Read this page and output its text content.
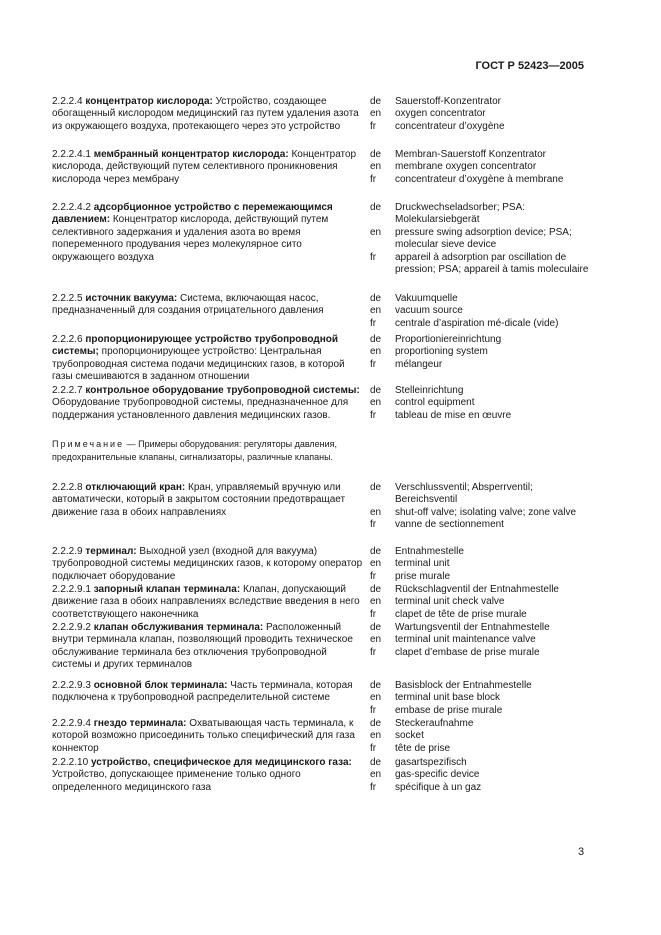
ГОСТ Р 52423—2005
2.2.2.4 концентратор кислорода: Устройство, создающее обогащенный кислородом медицинский газ путем удаления азота из окружающего воздуха, протекающего через это устройство
de	Sauerstoff-Konzentrator
en	oxygen concentrator
fr	concentrateur d’oxygène
2.2.2.4.1 мембранный концентратор кислорода: Концентратор кислорода, действующий путем селективного проникновения кислорода через мембрану
de	Membran-Sauerstoff Konzentrator
en	membrane oxygen concentrator
fr	concentrateur d’oxygène à membrane
2.2.2.4.2 адсорбционное устройство с перемежающимся давлением: Концентратор кислорода, действующий путем селективного задержания и удаления азота во время попеременного продувания через молекулярное сито окружающего воздуха
de	Druckwechseladsorber; PSA: Molekularsiebgerät
en	pressure swing adsorption device; PSA; molecular sieve device
fr	appareil à adsorption par oscillation de pression; PSA; appareil à tamis moleculaire
2.2.2.5 источник вакуума: Система, включающая насос, предназначенный для создания отрицательного давления
de	Vakuumquelle
en	vacuum source
fr	centrale d’aspiration mé-dicale (vide)
2.2.2.6 пропорционирующее устройство трубопроводной системы; пропорционирующее устройство: Центральная трубопроводная система подачи медицинских газов, в которой газы смешиваются в заданном отношении
de	Proportioniereinrichtung
en	proportioning system
fr	mélangeur
2.2.2.7 контрольное оборудование трубопроводной системы: Оборудование трубопроводной системы, предназначенное для поддержания установленного давления медицинских газов.
de	Stelleinrichtung
en	control equipment
fr	tableau de mise en œuvre
Примечание — Примеры оборудования: регуляторы давления, предохранительные клапаны, сигнализаторы, различные клапаны.
2.2.2.8 отключающий кран: Кран, управляемый вручную или автоматически, который в закрытом состоянии предотвращает движение газа в обоих направлениях
de	Verschlussventil; Absperrventil; Bereichsventil
en	shut-off valve; isolating valve; zone valve
fr	vanne de sectionnement
2.2.2.9 терминал: Выходной узел (входной для вакуума) трубопроводной системы медицинских газов, к которому оператор подключает оборудование
de	Entnahmestelle
en	terminal unit
fr	prise murale
2.2.2.9.1 запорный клапан терминала: Клапан, допускающий движение газа в обоих направлениях вследствие введения в него соответствующего наконечника
de	Rückschlagventil der Entnahmestelle
en	terminal unit check valve
fr	clapet de tête de prise murale
2.2.2.9.2 клапан обслуживания терминала: Расположенный внутри терминала клапан, позволяющий проводить техническое обслуживание терминала без отключения трубопроводной системы и других терминалов
de	Wartungsventil der Entnahmestelle
en	terminal unit maintenance valve
fr	clapet d’embase de prise murale
2.2.2.9.3 основной блок терминала: Часть терминала, которая подключена к трубопроводной распределительной системе
de	Basisblock der Entnahmestelle
en	terminal unit base block
fr	embase de prise murale
2.2.2.9.4 гнездо терминала: Охватывающая часть терминала, к которой возможно присоединить только специфический для газа коннектор
de	Steckeraufnahme
en	socket
fr	tête de prise
2.2.2.10 устройство, специфическое для медицинского газа: Устройство, допускающее применение только одного определенного медицинского газа
de	gasartspezifisch
en	gas-specific device
fr	spécifique à un gaz
3
